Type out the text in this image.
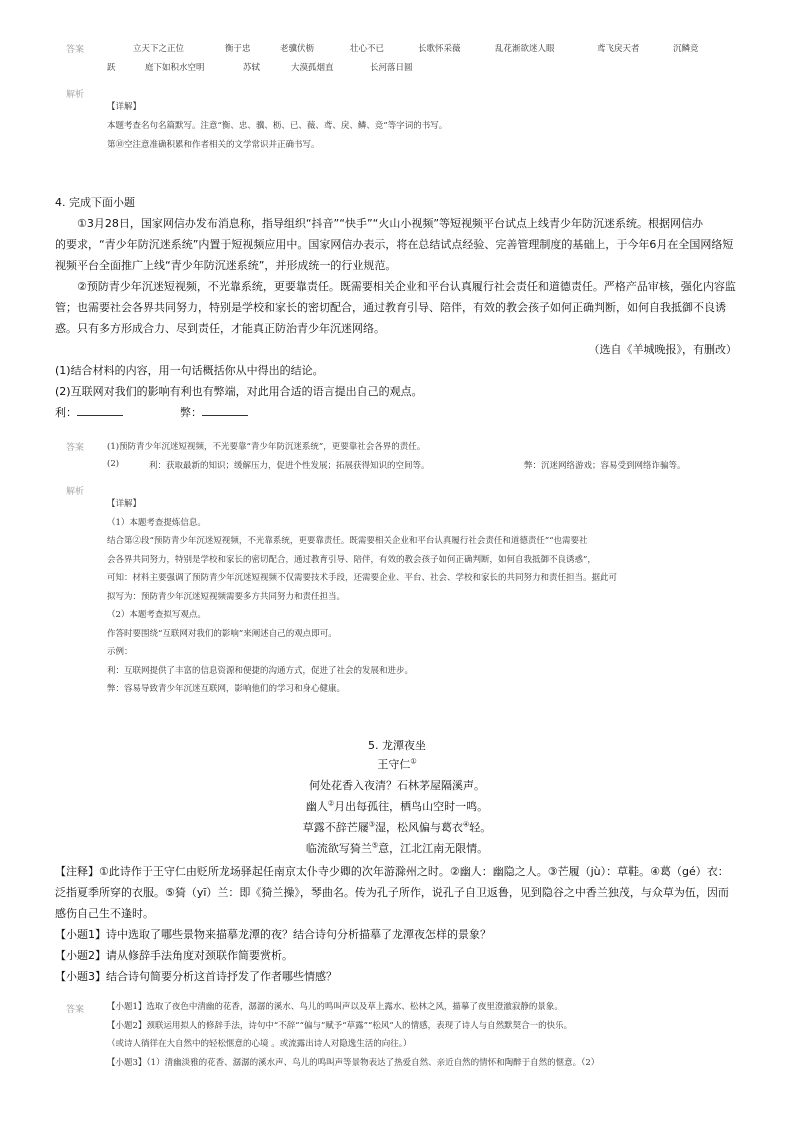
答案	立天下之正位	衡于忠	老骥伏枥	壮心不已	长歌怀采薇	乱花渐欲迷人眼	鸢飞戾天者	沉鳞竞
跃	庭下如积水空明	苏轼	大漠孤烟直	长河落日圆
解析
【详解】
本题考查名句名篇默写。注意“衡、忠、骥、枥、已、薇、鸢、戾、鳞、竞”等字词的书写。
第⑩空注意准确积累和作者相关的文学常识并正确书写。
4. 完成下面小题
①3月28日，国家网信办发布消息称，指导组织“抖音”“快手”“火山小视频”等短视频平台试点上线青少年防沉迷系统。根据网信办
的要求，“青少年防沉迷系统”内置于短视频应用中。国家网信办表示，将在总结试点经验、完善管理制度的基础上，于今年6月在全国网络短
视频平台全面推广上线“青少年防沉迷系统”，并形成统一的行业规范。
②预防青少年沉迷短视频，不光靠系统，更要靠责任。既需要相关企业和平台认真履行社会责任和道德责任。严格产品审核，强化内容监
管；也需要社会各界共同努力，特别是学校和家长的密切配合，通过教育引导、陪伴，有效的教会孩子如何正确判断，如何自我抵御不良诱
惑。只有多方形成合力、尽到责任，才能真正防治青少年沉迷网络。
（选自《羊城晚报》，有删改）
(1)结合材料的内容，用一句话概括你从中得出的结论。
(2)互联网对我们的影响有利也有弊端，对此用合适的语言提出自己的观点。
利：	弊：
答案	(1)预防青少年沉迷短视频，不光要靠“青少年防沉迷系统”，更要靠社会各界的责任。
(2)	利：获取最新的知识；缓解压力，促进个性发展；拓展获得知识的空间等。	弊：沉迷网络游戏；容易受到网络诈骗等。
解析
【详解】
（1）本题考查提炼信息。
结合第②段“预防青少年沉迷短视频，不光靠系统，更要靠责任。既需要相关企业和平台认真履行社会责任和道德责任”“也需要社
会各界共同努力，特别是学校和家长的密切配合，通过教育引导、陪伴，有效的教会孩子如何正确判断，如何自我抵御不良诱惑”，
可知：材料主要强调了预防青少年沉迷短视频不仅需要技术手段，还需要企业、平台、社会、学校和家长的共同努力和责任担当。据此可
拟写为：预防青少年沉迷短视频需要多方共同努力和责任担当。
（2）本题考查拟写观点。
作答时要围绕“互联网对我们的影响”来阐述自己的观点即可。
示例：
利：互联网提供了丰富的信息资源和便捷的沟通方式，促进了社会的发展和进步。
弊：容易导致青少年沉迷互联网，影响他们的学习和身心健康。
5. 龙潭夜坐
王守仁①
何处花香入夜清？石林茅屋隔溪声。
幽人②月出每孤往，栖鸟山空时一鸣。
草露不辞芒屦③湿，松风偏与葛衣④轻。
临流欲写猗兰⑤意，江北江南无限情。
【注释】①此诗作于王守仁由贬所龙场驿起任南京太仆寺少卿的次年游滁州之时。②幽人：幽隐之人。③芒履（jù）：草鞋。④葛（gé）衣：
泛指夏季所穿的衣服。⑤猗（yī）兰：即《猗兰操》，琴曲名。传为孔子所作，说孔子自卫返鲁，见到隐谷之中香兰独茂，与众草为伍，因而
感伤自己生不逢时。
【小题1】诗中选取了哪些景物来描摹龙潭的夜？结合诗句分析描摹了龙潭夜怎样的景象？
【小题2】请从修辞手法角度对颈联作简要赏析。
【小题3】结合诗句简要分析这首诗抒发了作者哪些情感？
答案	【小题1】选取了夜色中清幽的花香，潺潺的溪水、鸟儿的鸣叫声以及草上露水、松林之风，描摹了夜里澄澈寂静的景象。
【小题2】颈联运用拟人的修辞手法，诗句中“不辞”“偏与”赋予“草露”“松风”人的情感，表现了诗人与自然默契合一的快乐。
（或诗人徜徉在大自然中的轻松惬意的心境 。或流露出诗人对隐逸生活的向往。）
【小题3】（1）清幽淡雅的花香、潺潺的溪水声、鸟儿的鸣叫声等景物表达了热爱自然、亲近自然的情怀和陶醉于自然的惬意。（2）
